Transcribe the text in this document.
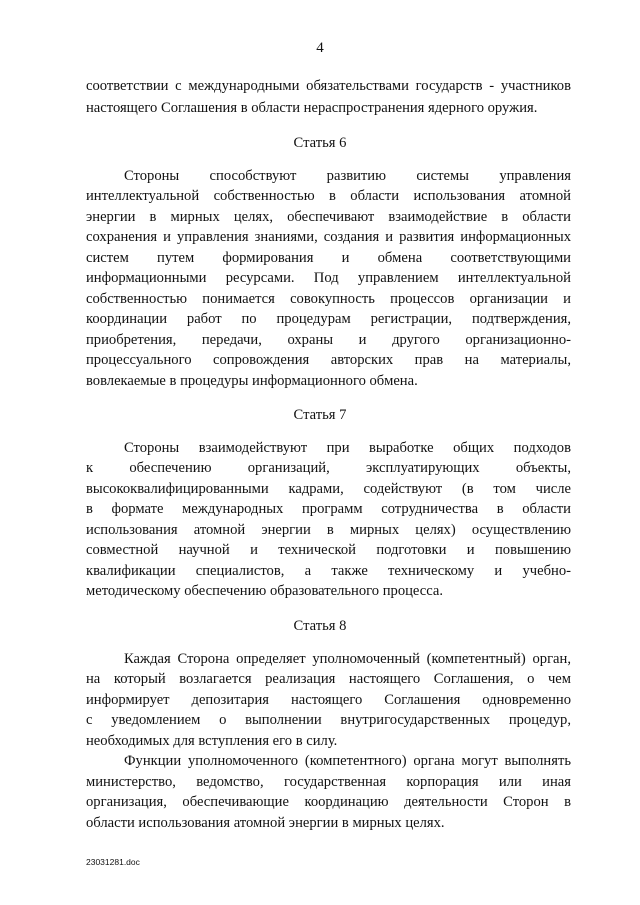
4
соответствии с международными обязательствами государств - участников
настоящего Соглашения в области нераспространения ядерного оружия.
Статья 6
Стороны способствуют развитию системы управления
интеллектуальной собственностью в области использования атомной
энергии в мирных целях, обеспечивают взаимодействие в области
сохранения и управления знаниями, создания и развития информационных
систем путем формирования и обмена соответствующими
информационными ресурсами. Под управлением интеллектуальной
собственностью понимается совокупность процессов организации и
координации работ по процедурам регистрации, подтверждения,
приобретения, передачи, охраны и другого организационно-
процессуального сопровождения авторских прав на материалы,
вовлекаемые в процедуры информационного обмена.
Статья 7
Стороны взаимодействуют при выработке общих подходов
к обеспечению организаций, эксплуатирующих объекты,
высококвалифицированными кадрами, содействуют (в том числе
в формате международных программ сотрудничества в области
использования атомной энергии в мирных целях) осуществлению
совместной научной и технической подготовки и повышению
квалификации специалистов, а также техническому и учебно-
методическому обеспечению образовательного процесса.
Статья 8
Каждая Сторона определяет уполномоченный (компетентный) орган,
на который возлагается реализация настоящего Соглашения, о чем
информирует депозитария настоящего Соглашения одновременно
с уведомлением о выполнении внутригосударственных процедур,
необходимых для вступления его в силу.
Функции уполномоченного (компетентного) органа могут выполнять
министерство, ведомство, государственная корпорация или иная
организация, обеспечивающие координацию деятельности Сторон в
области использования атомной энергии в мирных целях.
23031281.doc
